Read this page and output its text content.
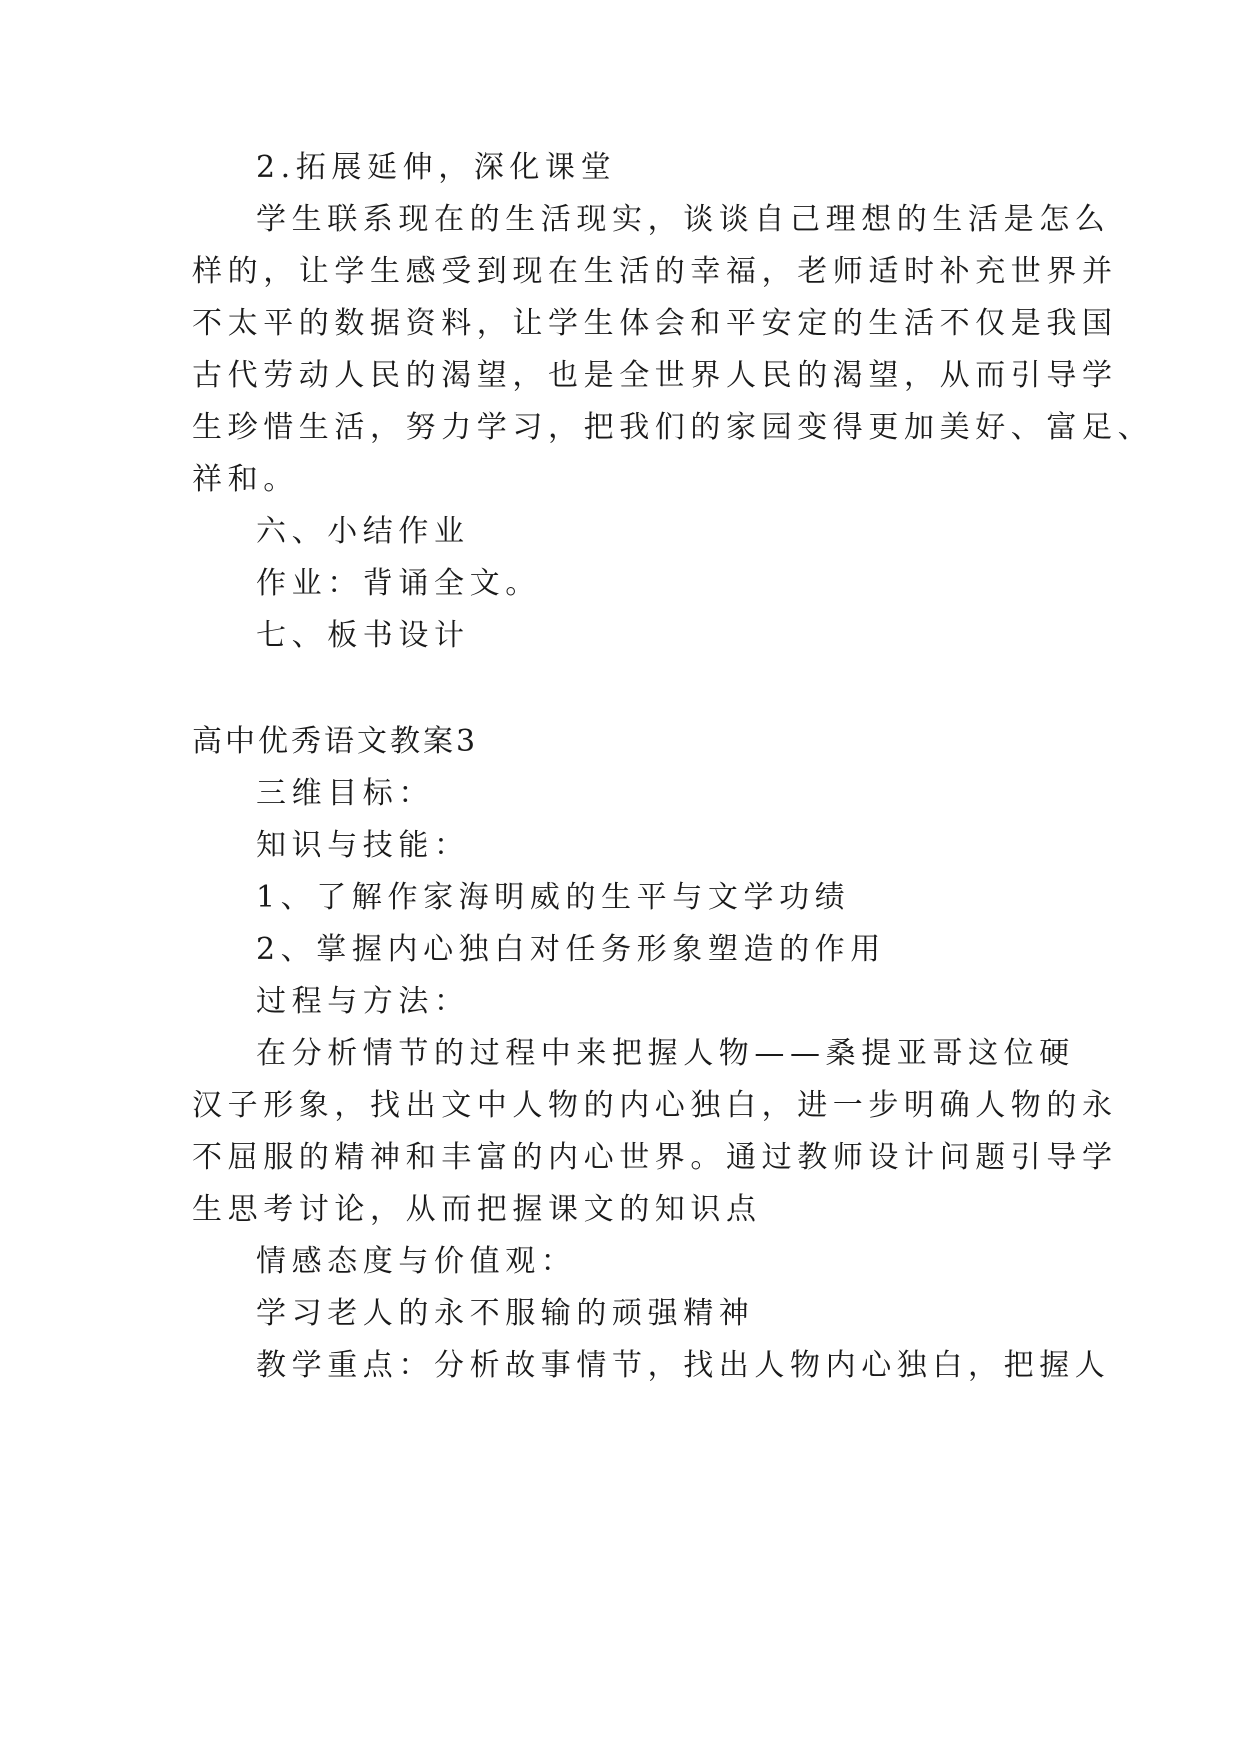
2.拓展延伸，深化课堂
学生联系现在的生活现实，谈谈自己理想的生活是怎么
样的，让学生感受到现在生活的幸福，老师适时补充世界并
不太平的数据资料，让学生体会和平安定的生活不仅是我国
古代劳动人民的渴望，也是全世界人民的渴望，从而引导学
生珍惜生活，努力学习，把我们的家园变得更加美好、富足、
祥和。
六、小结作业
作业：背诵全文。
七、板书设计
高中优秀语文教案3
三维目标：
知识与技能：
1、了解作家海明威的生平与文学功绩
2、掌握内心独白对任务形象塑造的作用
过程与方法：
在分析情节的过程中来把握人物——桑提亚哥这位硬
汉子形象，找出文中人物的内心独白，进一步明确人物的永
不屈服的精神和丰富的内心世界。通过教师设计问题引导学
生思考讨论，从而把握课文的知识点
情感态度与价值观：
学习老人的永不服输的顽强精神
教学重点：分析故事情节，找出人物内心独白，把握人
